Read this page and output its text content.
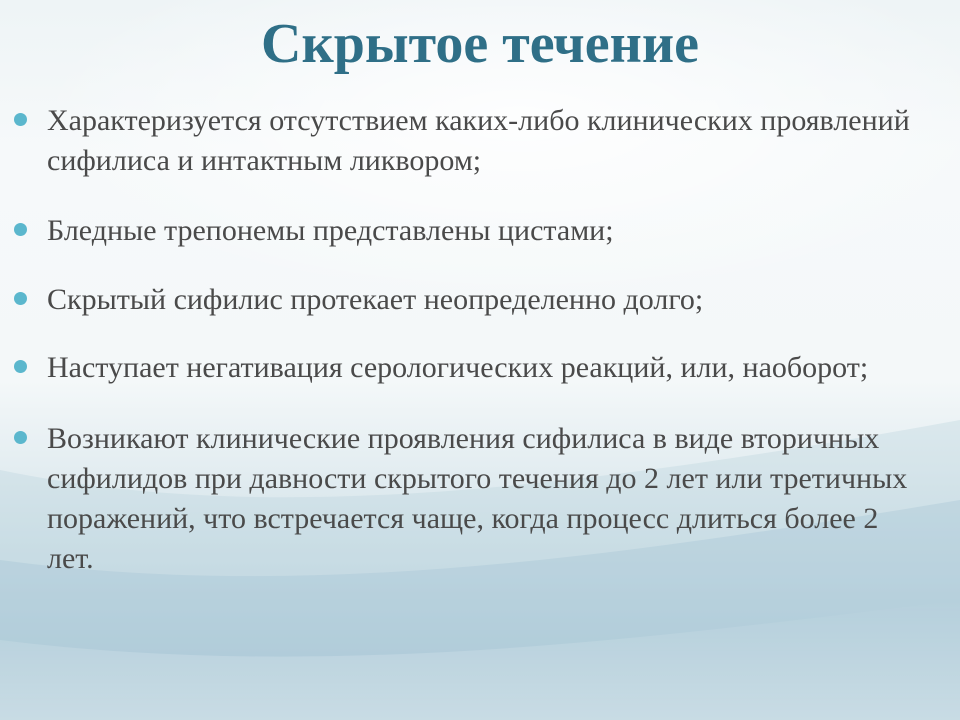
Скрытое течение
Характеризуется отсутствием каких-либо клинических проявлений сифилиса и интактным ликвором;
Бледные трепонемы представлены цистами;
Скрытый сифилис протекает неопределенно долго;
Наступает негативация серологических реакций, или, наоборот;
Возникают клинические проявления сифилиса в виде вторичных сифилидов при давности скрытого течения до 2 лет или третичных поражений, что встречается чаще, когда процесс длиться более 2 лет.
